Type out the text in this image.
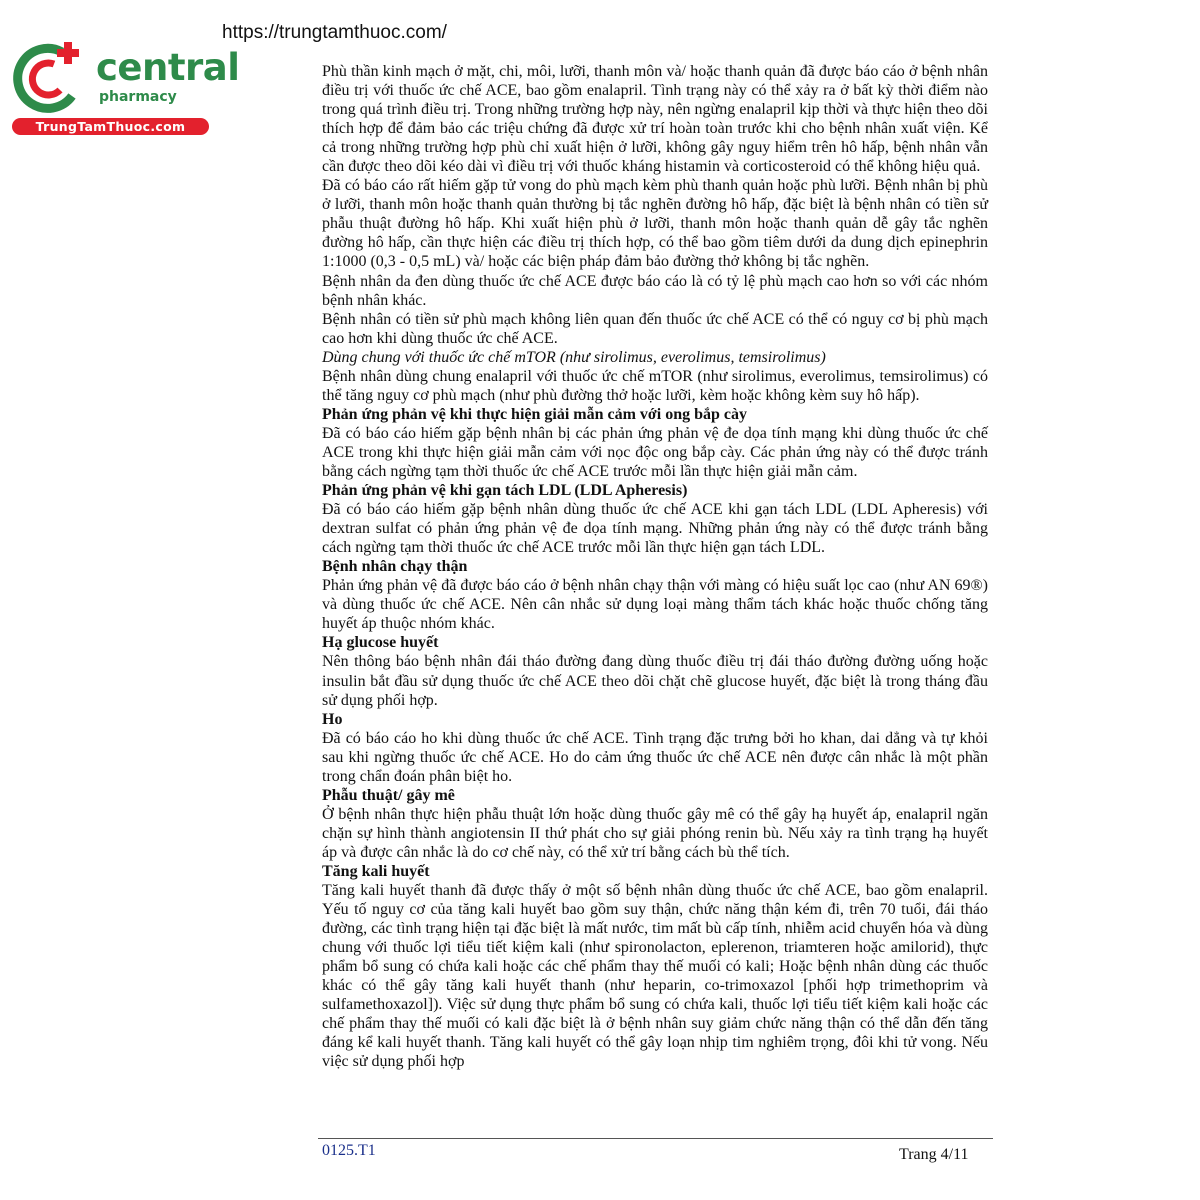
https://trungtamthuoc.com/
central
pharmacy
TrungTamThuoc.com

Phù thần kinh mạch ở mặt, chi, môi, lưỡi, thanh môn và/ hoặc thanh quản đã được báo cáo ở bệnh nhân điều trị với thuốc ức chế ACE, bao gồm enalapril. Tình trạng này có thể xảy ra ở bất kỳ thời điểm nào trong quá trình điều trị. Trong những trường hợp này, nên ngừng enalapril kịp thời và thực hiện theo dõi thích hợp để đảm bảo các triệu chứng đã được xử trí hoàn toàn trước khi cho bệnh nhân xuất viện. Kể cả trong những trường hợp phù chỉ xuất hiện ở lưỡi, không gây nguy hiểm trên hô hấp, bệnh nhân vẫn cần được theo dõi kéo dài vì điều trị với thuốc kháng histamin và corticosteroid có thể không hiệu quả.

Đã có báo cáo rất hiếm gặp tử vong do phù mạch kèm phù thanh quản hoặc phù lưỡi. Bệnh nhân bị phù ở lưỡi, thanh môn hoặc thanh quản thường bị tắc nghẽn đường hô hấp, đặc biệt là bệnh nhân có tiền sử phẫu thuật đường hô hấp. Khi xuất hiện phù ở lưỡi, thanh môn hoặc thanh quản dễ gây tắc nghẽn đường hô hấp, cần thực hiện các điều trị thích hợp, có thể bao gồm tiêm dưới da dung dịch epinephrin 1:1000 (0,3 - 0,5 mL) và/ hoặc các biện pháp đảm bảo đường thở không bị tắc nghẽn.

Bệnh nhân da đen dùng thuốc ức chế ACE được báo cáo là có tỷ lệ phù mạch cao hơn so với các nhóm bệnh nhân khác.

Bệnh nhân có tiền sử phù mạch không liên quan đến thuốc ức chế ACE có thể có nguy cơ bị phù mạch cao hơn khi dùng thuốc ức chế ACE.

Dùng chung với thuốc ức chế mTOR (như sirolimus, everolimus, temsirolimus)

Bệnh nhân dùng chung enalapril với thuốc ức chế mTOR (như sirolimus, everolimus, temsirolimus) có thể tăng nguy cơ phù mạch (như phù đường thở hoặc lưỡi, kèm hoặc không kèm suy hô hấp).

Phản ứng phản vệ khi thực hiện giải mẫn cảm với ong bắp cày

Đã có báo cáo hiếm gặp bệnh nhân bị các phản ứng phản vệ đe dọa tính mạng khi dùng thuốc ức chế ACE trong khi thực hiện giải mẫn cảm với nọc độc ong bắp cày. Các phản ứng này có thể được tránh bằng cách ngừng tạm thời thuốc ức chế ACE trước mỗi lần thực hiện giải mẫn cảm.

Phản ứng phản vệ khi gạn tách LDL (LDL Apheresis)

Đã có báo cáo hiếm gặp bệnh nhân dùng thuốc ức chế ACE khi gạn tách LDL (LDL Apheresis) với dextran sulfat có phản ứng phản vệ đe dọa tính mạng. Những phản ứng này có thể được tránh bằng cách ngừng tạm thời thuốc ức chế ACE trước mỗi lần thực hiện gạn tách LDL.

Bệnh nhân chạy thận

Phản ứng phản vệ đã được báo cáo ở bệnh nhân chạy thận với màng có hiệu suất lọc cao (như AN 69®) và dùng thuốc ức chế ACE. Nên cân nhắc sử dụng loại màng thẩm tách khác hoặc thuốc chống tăng huyết áp thuộc nhóm khác.

Hạ glucose huyết

Nên thông báo bệnh nhân đái tháo đường đang dùng thuốc điều trị đái tháo đường đường uống hoặc insulin bắt đầu sử dụng thuốc ức chế ACE theo dõi chặt chẽ glucose huyết, đặc biệt là trong tháng đầu sử dụng phối hợp.

Ho

Đã có báo cáo ho khi dùng thuốc ức chế ACE. Tình trạng đặc trưng bởi ho khan, dai dẳng và tự khỏi sau khi ngừng thuốc ức chế ACE. Ho do cảm ứng thuốc ức chế ACE nên được cân nhắc là một phần trong chẩn đoán phân biệt ho.

Phẫu thuật/ gây mê

Ở bệnh nhân thực hiện phẫu thuật lớn hoặc dùng thuốc gây mê có thể gây hạ huyết áp, enalapril ngăn chặn sự hình thành angiotensin II thứ phát cho sự giải phóng renin bù. Nếu xảy ra tình trạng hạ huyết áp và được cân nhắc là do cơ chế này, có thể xử trí bằng cách bù thể tích.

Tăng kali huyết

Tăng kali huyết thanh đã được thấy ở một số bệnh nhân dùng thuốc ức chế ACE, bao gồm enalapril. Yếu tố nguy cơ của tăng kali huyết bao gồm suy thận, chức năng thận kém đi, trên 70 tuổi, đái tháo đường, các tình trạng hiện tại đặc biệt là mất nước, tim mất bù cấp tính, nhiễm acid chuyển hóa và dùng chung với thuốc lợi tiểu tiết kiệm kali (như spironolacton, eplerenon, triamteren hoặc amilorid), thực phẩm bổ sung có chứa kali hoặc các chế phẩm thay thế muối có kali; Hoặc bệnh nhân dùng các thuốc khác có thể gây tăng kali huyết thanh (như heparin, co-trimoxazol [phối hợp trimethoprim và sulfamethoxazol]). Việc sử dụng thực phẩm bổ sung có chứa kali, thuốc lợi tiểu tiết kiệm kali hoặc các chế phẩm thay thế muối có kali đặc biệt là ở bệnh nhân suy giảm chức năng thận có thể dẫn đến tăng đáng kể kali huyết thanh. Tăng kali huyết có thể gây loạn nhịp tim nghiêm trọng, đôi khi tử vong. Nếu việc sử dụng phối hợp

0125.T1	Trang 4/11
